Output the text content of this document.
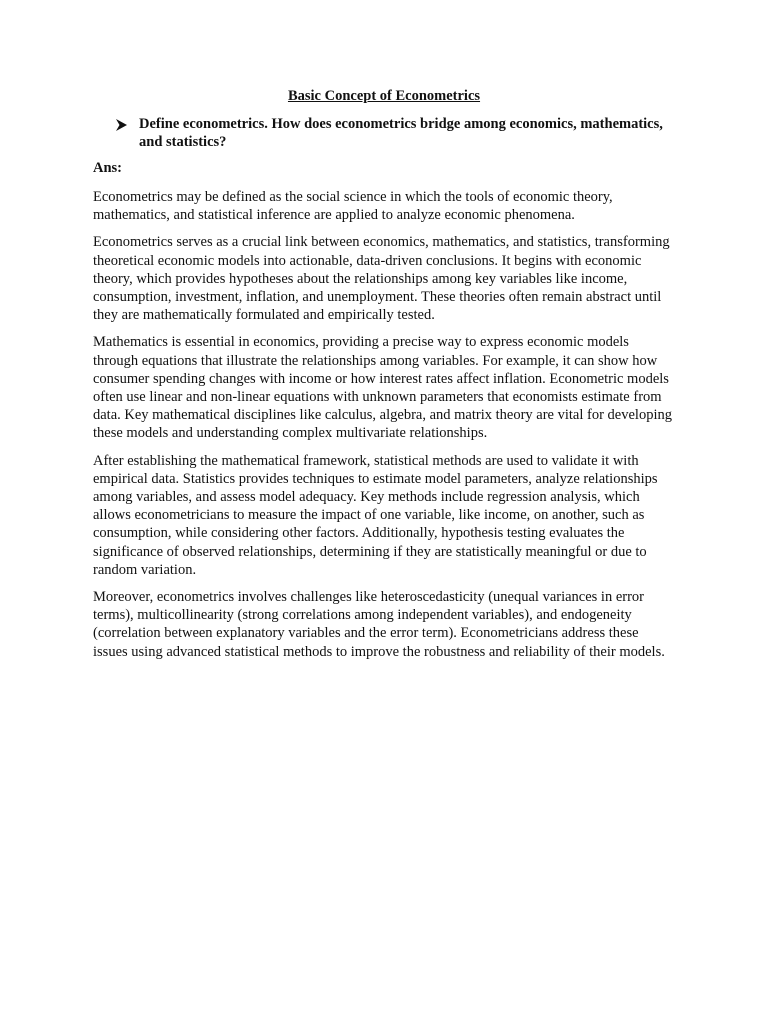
Basic Concept of Econometrics
Define econometrics. How does econometrics bridge among economics, mathematics, and statistics?
Ans:

Econometrics may be defined as the social science in which the tools of economic theory, mathematics, and statistical inference are applied to analyze economic phenomena.

Econometrics serves as a crucial link between economics, mathematics, and statistics, transforming theoretical economic models into actionable, data-driven conclusions. It begins with economic theory, which provides hypotheses about the relationships among key variables like income, consumption, investment, inflation, and unemployment. These theories often remain abstract until they are mathematically formulated and empirically tested.

Mathematics is essential in economics, providing a precise way to express economic models through equations that illustrate the relationships among variables. For example, it can show how consumer spending changes with income or how interest rates affect inflation. Econometric models often use linear and non-linear equations with unknown parameters that economists estimate from data. Key mathematical disciplines like calculus, algebra, and matrix theory are vital for developing these models and understanding complex multivariate relationships.

After establishing the mathematical framework, statistical methods are used to validate it with empirical data. Statistics provides techniques to estimate model parameters, analyze relationships among variables, and assess model adequacy. Key methods include regression analysis, which allows econometricians to measure the impact of one variable, like income, on another, such as consumption, while considering other factors. Additionally, hypothesis testing evaluates the significance of observed relationships, determining if they are statistically meaningful or due to random variation.

Moreover, econometrics involves challenges like heteroscedasticity (unequal variances in error terms), multicollinearity (strong correlations among independent variables), and endogeneity (correlation between explanatory variables and the error term). Econometricians address these issues using advanced statistical methods to improve the robustness and reliability of their models.
